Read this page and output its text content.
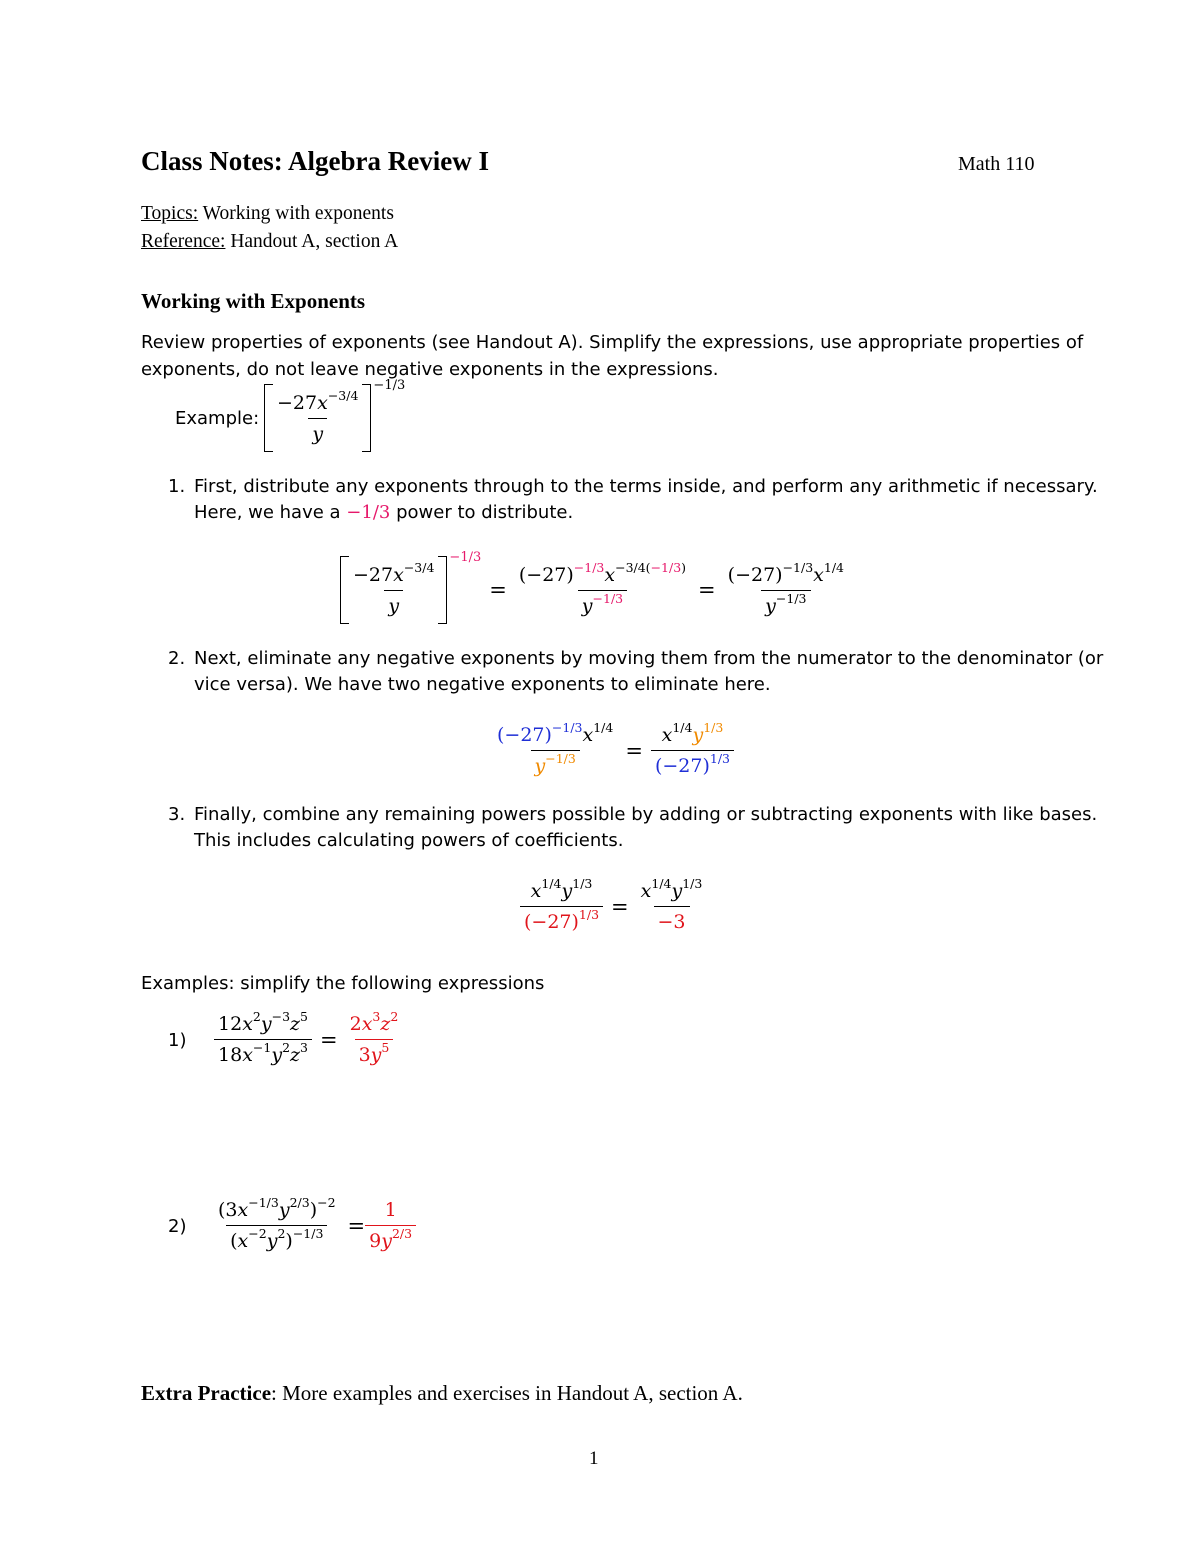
Class Notes: Algebra Review I	Math 110
Topics: Working with exponents
Reference: Handout A, section A
Working with Exponents
Review properties of exponents (see Handout A). Simplify the expressions, use appropriate properties of
exponents, do not leave negative exponents in the expressions.
Example: $\frac{-27x^{-3/4}}{y}$
−1/3
1. First, distribute any exponents through to the terms inside, and perform any arithmetic if necessary.
Here, we have a −1/3 power to distribute.
$\frac{-27x^{-3/4}}{y}$
−1/3
= $\frac{(-27)^{-1/3}x^{-3/4(-1/3)}}{y^{-1/3}} = \frac{(-27)^{-1/3}x^{1/4}}{y^{-1/3}}$
2. Next, eliminate any negative exponents by moving them from the numerator to the denominator (or
vice versa). We have two negative exponents to eliminate here.
$\frac{(-27)^{-1/3}x^{1/4}}{y^{-1/3}} = \frac{x^{1/4}y^{1/3}}{(-27)^{1/3}}$
3. Finally, combine any remaining powers possible by adding or subtracting exponents with like bases.
This includes calculating powers of coefficients.
$\frac{x^{1/4}y^{1/3}}{(-27)^{1/3}} = \frac{x^{1/4}y^{1/3}}{-3}$
Examples: simplify the following expressions
$1) \frac{12x^2y^{-3}z^5}{18x^{-1}y^2z^3} = \frac{2x^3z^2}{3y^5}$
$2) \frac{(3x^{-1/3}y^{2/3})^{-2}}{(x^{-2}y^2)^{-1/3}} = \frac{1}{9y^{2/3}}$
Extra Practice: More examples and exercises in Handout A, section A.
1
